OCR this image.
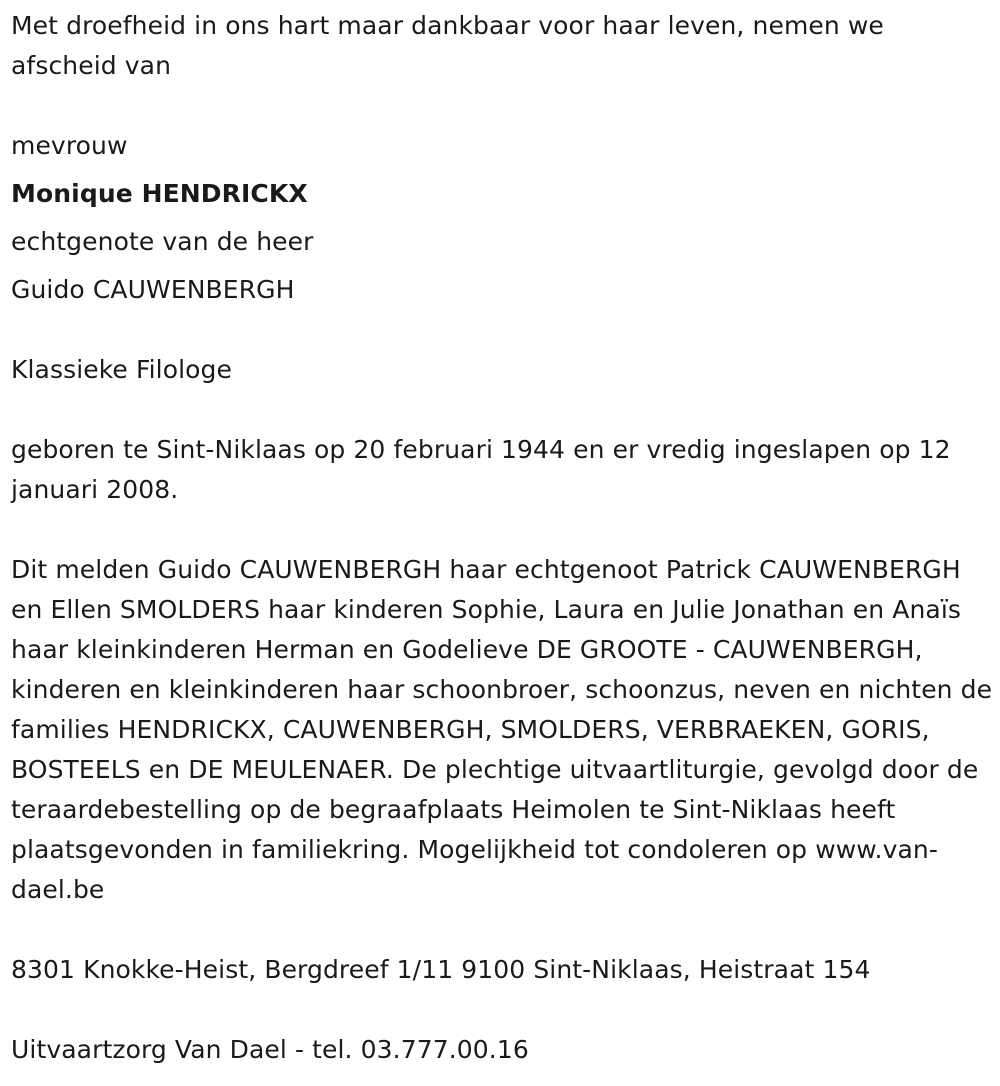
Met droefheid in ons hart maar dankbaar voor haar leven, nemen we afscheid van

mevrouw

Monique HENDRICKX

echtgenote van de heer

Guido CAUWENBERGH

Klassieke Filologe

geboren te Sint-Niklaas op 20 februari 1944 en er vredig ingeslapen op 12 januari 2008.

Dit melden Guido CAUWENBERGH haar echtgenoot Patrick CAUWENBERGH en Ellen SMOLDERS haar kinderen Sophie, Laura en Julie Jonathan en Anaïs haar kleinkinderen Herman en Godelieve DE GROOTE - CAUWENBERGH, kinderen en kleinkinderen haar schoonbroer, schoonzus, neven en nichten de families HENDRICKX, CAUWENBERGH, SMOLDERS, VERBRAEKEN, GORIS, BOSTEELS en DE MEULENAER. De plechtige uitvaartliturgie, gevolgd door de teraardebestelling op de begraafplaats Heimolen te Sint-Niklaas heeft plaatsgevonden in familiekring. Mogelijkheid tot condoleren op www.van-dael.be

8301 Knokke-Heist, Bergdreef 1/11 9100 Sint-Niklaas, Heistraat 154

Uitvaartzorg Van Dael - tel. 03.777.00.16
